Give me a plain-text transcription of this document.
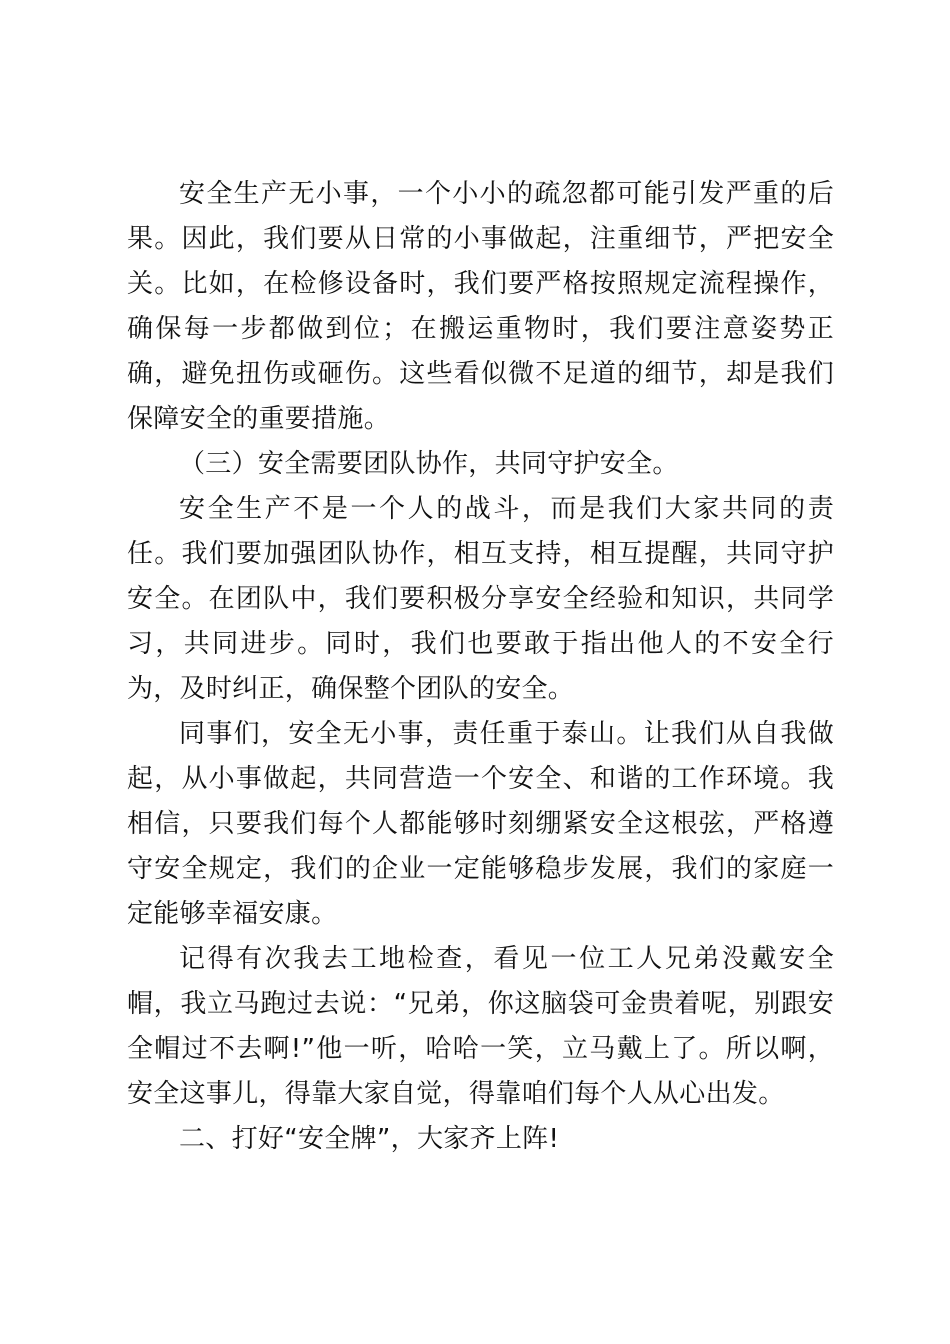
安全生产无小事，一个小小的疏忽都可能引发严重的后果。因此，我们要从日常的小事做起，注重细节，严把安全关。比如，在检修设备时，我们要严格按照规定流程操作，确保每一步都做到位；在搬运重物时，我们要注意姿势正确，避免扭伤或砸伤。这些看似微不足道的细节，却是我们保障安全的重要措施。

（三）安全需要团队协作，共同守护安全。

安全生产不是一个人的战斗，而是我们大家共同的责任。我们要加强团队协作，相互支持，相互提醒，共同守护安全。在团队中，我们要积极分享安全经验和知识，共同学习，共同进步。同时，我们也要敢于指出他人的不安全行为，及时纠正，确保整个团队的安全。

同事们，安全无小事，责任重于泰山。让我们从自我做起，从小事做起，共同营造一个安全、和谐的工作环境。我相信，只要我们每个人都能够时刻绷紧安全这根弦，严格遵守安全规定，我们的企业一定能够稳步发展，我们的家庭一定能够幸福安康。

记得有次我去工地检查，看见一位工人兄弟没戴安全帽，我立马跑过去说：“兄弟，你这脑袋可金贵着呢，别跟安全帽过不去啊!”他一听，哈哈一笑，立马戴上了。所以啊，安全这事儿，得靠大家自觉，得靠咱们每个人从心出发。

二、打好“安全牌”，大家齐上阵!
